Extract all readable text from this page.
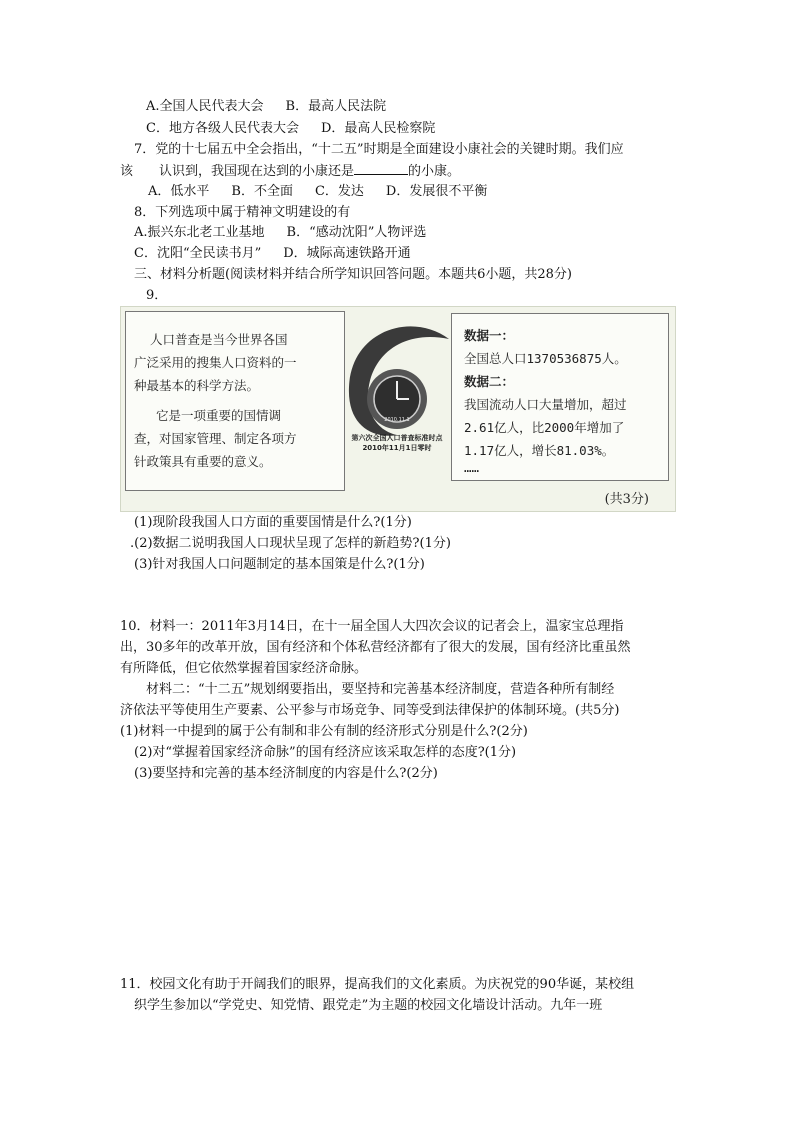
A.全国人民代表大会 B．最高人民法院
C．地方各级人民代表大会 D．最高人民检察院
7．党的十七届五中全会指出，“十二五”时期是全面建设小康社会的关键时期。我们应
该 认识到，我国现在达到的小康还是	的小康。
A．低水平 B．不全面 C．发达 D．发展很不平衡
8．下列选项中属于精神文明建设的有
A.振兴东北老工业基地 B．“感动沈阳”人物评选
C．沈阳“全民读书月” D．城际高速铁路开通
三、材料分析题(阅读材料并结合所学知识回答问题。本题共6小题，共28分)
9．
人口普查是当今世界各国
广泛采用的搜集人口资料的一
种最基本的科学方法。
它是一项重要的国情调
查，对国家管理、制定各项方
针政策具有重要的意义。
2010.11.1
第六次全国人口普查标准时点
2010年11月1日零时
数据一：
全国总人口1370536875人。
数据二：
我国流动人口大量增加，超过
2.61亿人，比2000年增加了
1.17亿人，增长81.03%。
……
(共3分)
(1)现阶段我国人口方面的重要国情是什么?(1分)
.(2)数据二说明我国人口现状呈现了怎样的新趋势?(1分)
(3)针对我国人口问题制定的基本国策是什么?(1分)
10．材料一：2011年3月14日，在十一届全国人大四次会议的记者会上，温家宝总理指
出，30多年的改革开放，国有经济和个体私营经济都有了很大的发展，国有经济比重虽然
有所降低，但它依然掌握着国家经济命脉。
材料二：“十二五”规划纲要指出，要坚持和完善基本经济制度，营造各种所有制经
济依法平等使用生产要素、公平参与市场竞争、同等受到法律保护的体制环境。(共5分)
(1)材料一中提到的属于公有制和非公有制的经济形式分别是什么?(2分)
(2)对“掌握着国家经济命脉”的国有经济应该采取怎样的态度?(1分)
(3)要坚持和完善的基本经济制度的内容是什么?(2分)
11．校园文化有助于开阔我们的眼界，提高我们的文化素质。为庆祝党的90华诞，某校组
织学生参加以“学党史、知党情、跟党走”为主题的校园文化墙设计活动。九年一班
